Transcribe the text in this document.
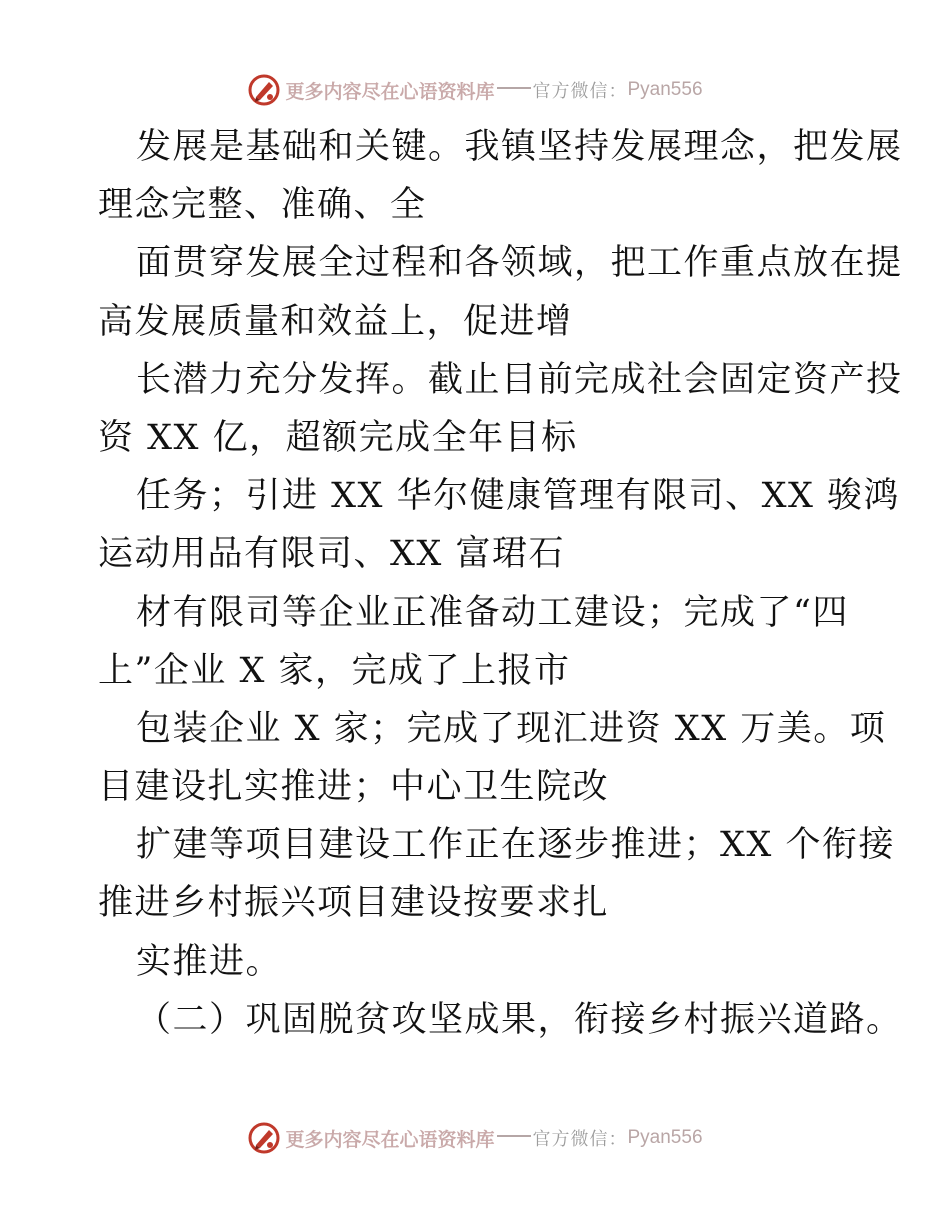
更多内容尽在心语资料库 官方微信： Pyan556
发展是基础和关键。我镇坚持发展理念，把发展
理念完整、准确、全
面贯穿发展全过程和各领域，把工作重点放在提
高发展质量和效益上，促进增
长潜力充分发挥。截止目前完成社会固定资产投
资 XX 亿，超额完成全年目标
任务；引进 XX 华尔健康管理有限司、XX 骏鸿
运动用品有限司、XX 富珺石
材有限司等企业正准备动工建设；完成了“四
上”企业 X 家，完成了上报市
包装企业 X 家；完成了现汇进资 XX 万美。项
目建设扎实推进；中心卫生院改
扩建等项目建设工作正在逐步推进；XX 个衔接
推进乡村振兴项目建设按要求扎
实推进。
（二）巩固脱贫攻坚成果，衔接乡村振兴道路。
更多内容尽在心语资料库 官方微信： Pyan556
